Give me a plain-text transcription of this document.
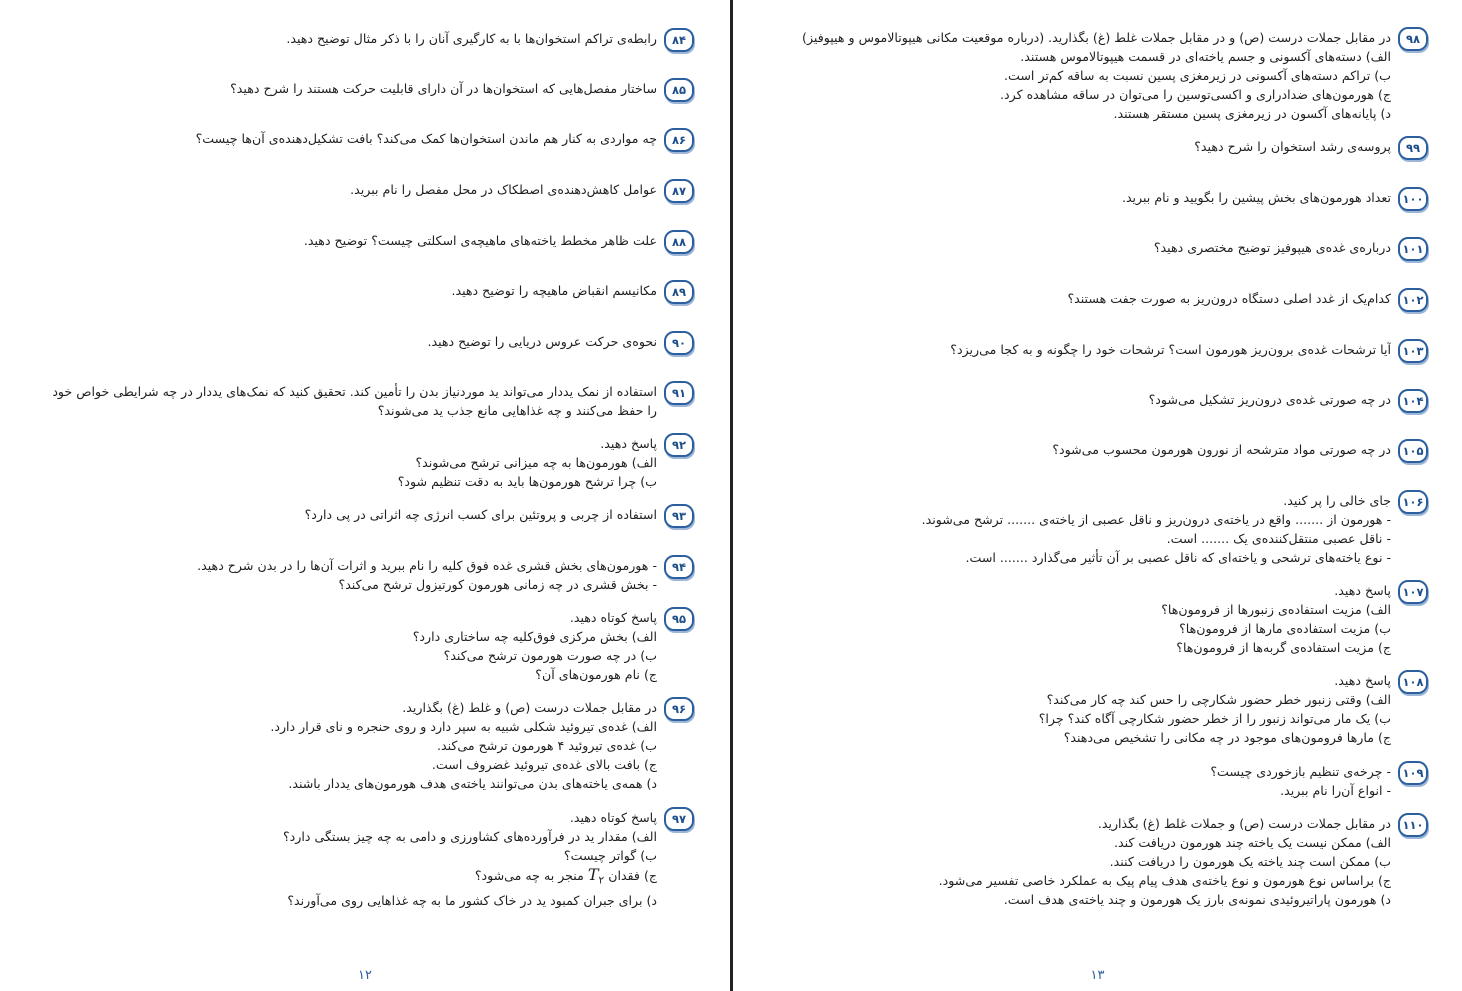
۸۴
رابطه‌ی تراکم استخوان‌ها با به کارگیری آنان را با ذکر مثال توضیح دهید.
۸۵
ساختار مفصل‌هایی که استخوان‌ها در آن دارای قابلیت حرکت هستند را شرح دهید؟
۸۶
چه مواردی به کنار هم ماندن استخوان‌ها کمک می‌کند؟ بافت تشکیل‌دهنده‌ی آن‌ها چیست؟
۸۷
عوامل کاهش‌دهنده‌ی اصطکاک در محل مفصل را نام ببرید.
۸۸
علت ظاهر مخطط یاخته‌های ماهیچه‌ی اسکلتی چیست؟ توضیح دهید.
۸۹
مکانیسم انقباض ماهیچه را توضیح دهید.
۹۰
نحوه‌ی حرکت عروس دریایی را توضیح دهید.
۹۱
استفاده از نمک یددار می‌تواند ید موردنیاز بدن را تأمین کند. تحقیق کنید که نمک‌های یددار در چه شرایطی خواص خود را حفظ می‌کنند و چه غذاهایی مانع جذب ید می‌شوند؟
۹۲
پاسخ دهید.
الف) هورمون‌ها به چه میزانی ترشح می‌شوند؟
ب) چرا ترشح هورمون‌ها باید به دقت تنظیم شود؟
۹۳
استفاده از چربی و پروتئین برای کسب انرژی چه اثراتی در پی دارد؟
۹۴
- هورمون‌های بخش قشری غده فوق کلیه را نام ببرید و اثرات آن‌ها را در بدن شرح دهید.
- بخش قشری در چه زمانی هورمون کورتیزول ترشح می‌کند؟
۹۵
پاسخ کوتاه دهید.
الف) بخش مرکزی فوق‌کلیه چه ساختاری دارد؟
ب) در چه صورت هورمون ترشح می‌کند؟
ج) نام هورمون‌های آن؟
۹۶
در مقابل جملات درست (ص) و غلط (غ) بگذارید.
الف) غده‌ی تیروئید شکلی شبیه به سپر دارد و روی حنجره و نای قرار دارد.
ب) غده‌ی تیروئید ۴ هورمون ترشح می‌کند.
ج) بافت بالای غده‌ی تیروئید غضروف است.
د) همه‌ی یاخته‌های بدن می‌توانند یاخته‌ی هدف هورمون‌های یددار باشند.
۹۷
پاسخ کوتاه دهید.
الف) مقدار ید در فرآورده‌های کشاورزی و دامی به چه چیز بستگی دارد؟
ب) گواتر چیست؟
ج) فقدان $T_۲$ منجر به چه می‌شود؟
د) برای جبران کمبود ید در خاک کشور ما به چه غذاهایی روی می‌آورند؟
۱۲
۹۸
در مقابل جملات درست (ص) و در مقابل جملات غلط (غ) بگذارید. (درباره موقعیت مکانی هیپوتالاموس و هیپوفیز)
الف) دسته‌های آکسونی و جسم یاخته‌ای در قسمت هیپوتالاموس هستند.
ب) تراکم دسته‌های آکسونی در زیرمغزی پسین نسبت به ساقه کم‌تر است.
ج) هورمون‌های ضدادراری و اکسی‌توسین را می‌توان در ساقه مشاهده کرد.
د) پایانه‌های آکسون در زیرمغزی پسین مستقر هستند.
۹۹
پروسه‌ی رشد استخوان را شرح دهید؟
۱۰۰
تعداد هورمون‌های بخش پیشین را بگویید و نام ببرید.
۱۰۱
درباره‌ی غده‌ی هیپوفیز توضیح مختصری دهید؟
۱۰۲
کدام‌یک از غدد اصلی دستگاه درون‌ریز به صورت جفت هستند؟
۱۰۳
آیا ترشحات غده‌ی برون‌ریز هورمون است؟ ترشحات خود را چگونه و به کجا می‌ریزد؟
۱۰۴
در چه صورتی غده‌ی درون‌ریز تشکیل می‌شود؟
۱۰۵
در چه صورتی مواد مترشحه از نورون هورمون محسوب می‌شود؟
۱۰۶
جای خالی را پر کنید.
- هورمون از ....... واقع در یاخته‌ی درون‌ریز و ناقل عصبی از یاخته‌ی ....... ترشح می‌شوند.
- ناقل عصبی منتقل‌کننده‌ی یک ....... است.
- نوع یاخته‌های ترشحی و یاخته‌ای که ناقل عصبی بر آن تأثیر می‌گذارد ....... است.
۱۰۷
پاسخ دهید.
الف) مزیت استفاده‌ی زنبورها از فرومون‌ها؟
ب) مزیت استفاده‌ی مارها از فرومون‌ها؟
ج) مزیت استفاده‌ی گربه‌ها از فرومون‌ها؟
۱۰۸
پاسخ دهید.
الف) وقتی زنبور خطر حضور شکارچی را حس کند چه کار می‌کند؟
ب) یک مار می‌تواند زنبور را از خطر حضور شکارچی آگاه کند؟ چرا؟
ج) مارها فرومون‌های موجود در چه مکانی را تشخیص می‌دهند؟
۱۰۹
- چرخه‌ی تنظیم بازخوردی چیست؟
- انواع آن‌را نام ببرید.
۱۱۰
در مقابل جملات درست (ص) و جملات غلط (غ) بگذارید.
الف) ممکن نیست یک یاخته چند هورمون دریافت کند.
ب) ممکن است چند یاخته یک هورمون را دریافت کنند.
ج) براساس نوع هورمون و نوع یاخته‌ی هدف پیام پیک به عملکرد خاصی تفسیر می‌شود.
د) هورمون پاراتیروئیدی نمونه‌ی بارز یک هورمون و چند یاخته‌ی هدف است.
۱۳
